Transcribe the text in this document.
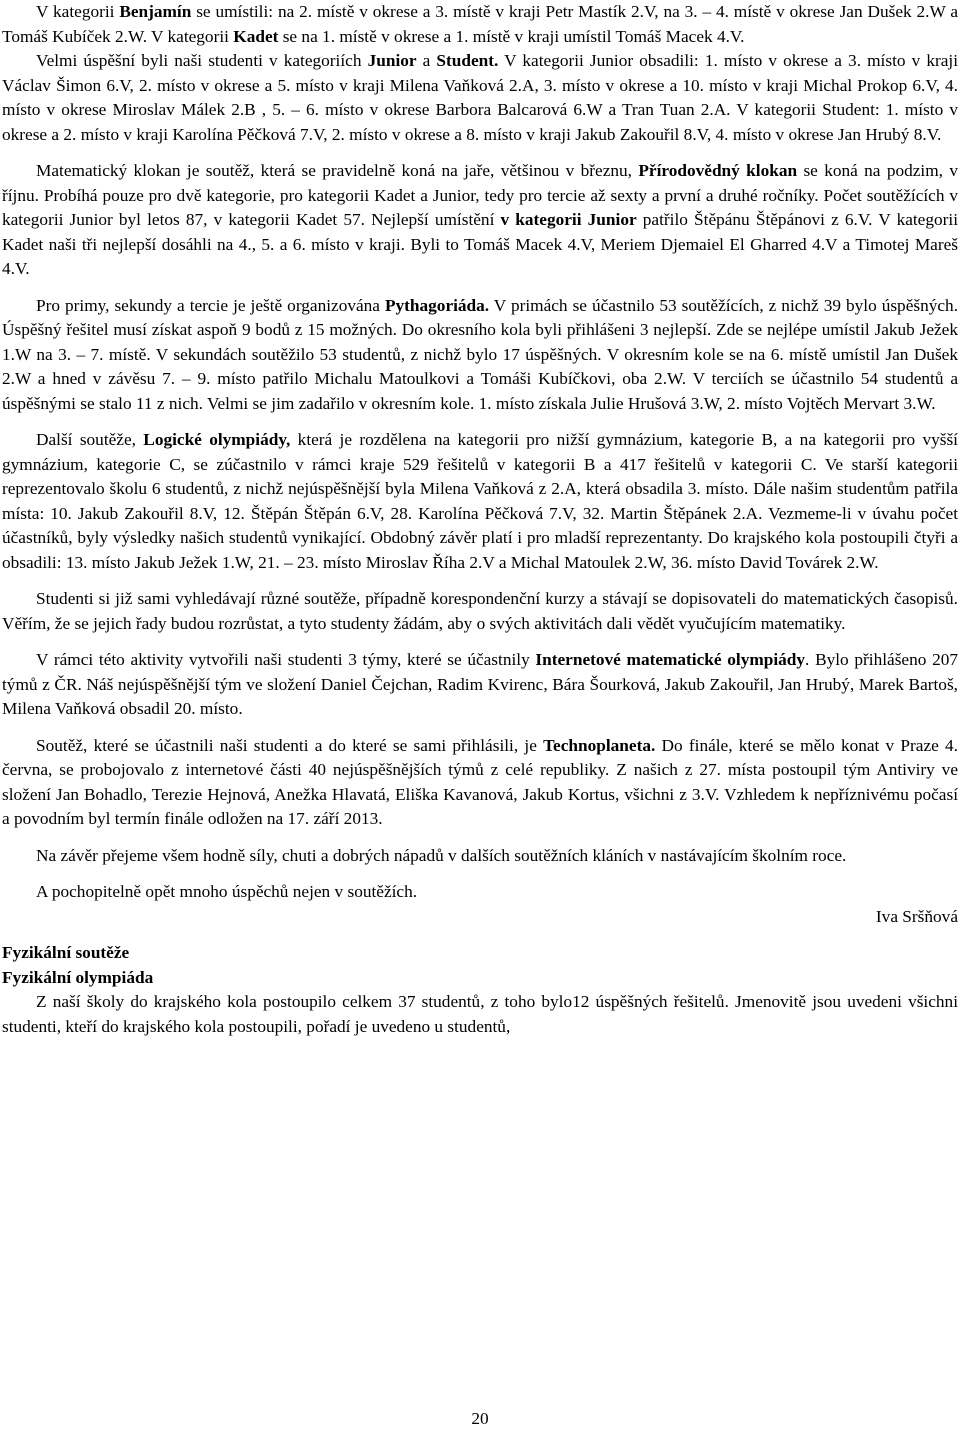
V kategorii Benjamín se umístili: na 2. místě v okrese a 3. místě v kraji Petr Mastík 2.V, na 3. – 4. místě v okrese Jan Dušek 2.W a Tomáš Kubíček 2.W. V kategorii Kadet se na 1. místě v okrese a 1. místě v kraji umístil Tomáš Macek 4.V.

Velmi úspěšní byli naši studenti v kategoriích Junior a Student. V kategorii Junior obsadili: 1. místo v okrese a 3. místo v kraji Václav Šimon 6.V, 2. místo v okrese a 5. místo v kraji Milena Vaňková 2.A, 3. místo v okrese a 10. místo v kraji Michal Prokop 6.V, 4. místo v okrese Miroslav Málek 2.B , 5. – 6. místo v okrese Barbora Balcarová 6.W a Tran Tuan 2.A. V kategorii Student: 1. místo v okrese a 2. místo v kraji Karolína Pěčková 7.V, 2. místo v okrese a 8. místo v kraji Jakub Zakouřil 8.V, 4. místo v okrese Jan Hrubý 8.V.

Matematický klokan je soutěž, která se pravidelně koná na jaře, většinou v březnu, Přírodovědný klokan se koná na podzim, v říjnu. Probíhá pouze pro dvě kategorie, pro kategorii Kadet a Junior, tedy pro tercie až sexty a první a druhé ročníky. Počet soutěžících v kategorii Junior byl letos 87, v kategorii Kadet 57. Nejlepší umístění v kategorii Junior patřilo Štěpánu Štěpánovi z 6.V. V kategorii Kadet naši tři nejlepší dosáhli na 4., 5. a 6. místo v kraji. Byli to Tomáš Macek 4.V, Meriem Djemaiel El Gharred 4.V a Timotej Mareš 4.V.

Pro primy, sekundy a tercie je ještě organizována Pythagoriáda. V primách se účastnilo 53 soutěžících, z nichž 39 bylo úspěšných. Úspěšný řešitel musí získat aspoň 9 bodů z 15 možných. Do okresního kola byli přihlášeni 3 nejlepší. Zde se nejlépe umístil Jakub Ježek 1.W na 3. – 7. místě. V sekundách soutěžilo 53 studentů, z nichž bylo 17 úspěšných. V okresním kole se na 6. místě umístil Jan Dušek 2.W a hned v závěsu 7. – 9. místo patřilo Michalu Matoulkovi a Tomáši Kubíčkovi, oba 2.W. V terciích se účastnilo 54 studentů a úspěšnými se stalo 11 z nich. Velmi se jim zadařilo v okresním kole. 1. místo získala Julie Hrušová 3.W, 2. místo Vojtěch Mervart 3.W.

Další soutěže, Logické olympiády, která je rozdělena na kategorii pro nižší gymnázium, kategorie B, a na kategorii pro vyšší gymnázium, kategorie C, se zúčastnilo v rámci kraje 529 řešitelů v kategorii B a 417 řešitelů v kategorii C. Ve starší kategorii reprezentovalo školu 6 studentů, z nichž nejúspěšnější byla Milena Vaňková z 2.A, která obsadila 3. místo. Dále našim studentům patřila místa: 10. Jakub Zakouřil 8.V, 12. Štěpán Štěpán 6.V, 28. Karolína Pěčková 7.V, 32. Martin Štěpánek 2.A. Vezmeme-li v úvahu počet účastníků, byly výsledky našich studentů vynikající. Obdobný závěr platí i pro mladší reprezentanty. Do krajského kola postoupili čtyři a obsadili: 13. místo Jakub Ježek 1.W, 21. – 23. místo Miroslav Říha 2.V a Michal Matoulek 2.W, 36. místo David Továrek 2.W.

Studenti si již sami vyhledávají různé soutěže, případně korespondenční kurzy a stávají se dopisovateli do matematických časopisů. Věřím, že se jejich řady budou rozrůstat, a tyto studenty žádám, aby o svých aktivitách dali vědět vyučujícím matematiky.

V rámci této aktivity vytvořili naši studenti 3 týmy, které se účastnily Internetové matematické olympiády. Bylo přihlášeno 207 týmů z ČR. Náš nejúspěšnější tým ve složení Daniel Čejchan, Radim Kvirenc, Bára Šourková, Jakub Zakouřil, Jan Hrubý, Marek Bartoš, Milena Vaňková obsadil 20. místo.

Soutěž, které se účastnili naši studenti a do které se sami přihlásili, je Technoplaneta. Do finále, které se mělo konat v Praze 4. června, se probojovalo z internetové části 40 nejúspěšnějších týmů z celé republiky. Z našich z 27. místa postoupil tým Antiviry ve složení Jan Bohadlo, Terezie Hejnová, Anežka Hlavatá, Eliška Kavanová, Jakub Kortus, všichni z 3.V. Vzhledem k nepříznivému počasí a povodním byl termín finále odložen na 17. září 2013.

Na závěr přejeme všem hodně síly, chuti a dobrých nápadů v dalších soutěžních kláních v nastávajícím školním roce.

A pochopitelně opět mnoho úspěchů nejen v soutěžích.

Iva Sršňová

Fyzikální soutěže

Fyzikální olympiáda

Z naší školy do krajského kola postoupilo celkem 37 studentů, z toho bylo12 úspěšných řešitelů. Jmenovitě jsou uvedeni všichni studenti, kteří do krajského kola postoupili, pořadí je uvedeno u studentů,

20
